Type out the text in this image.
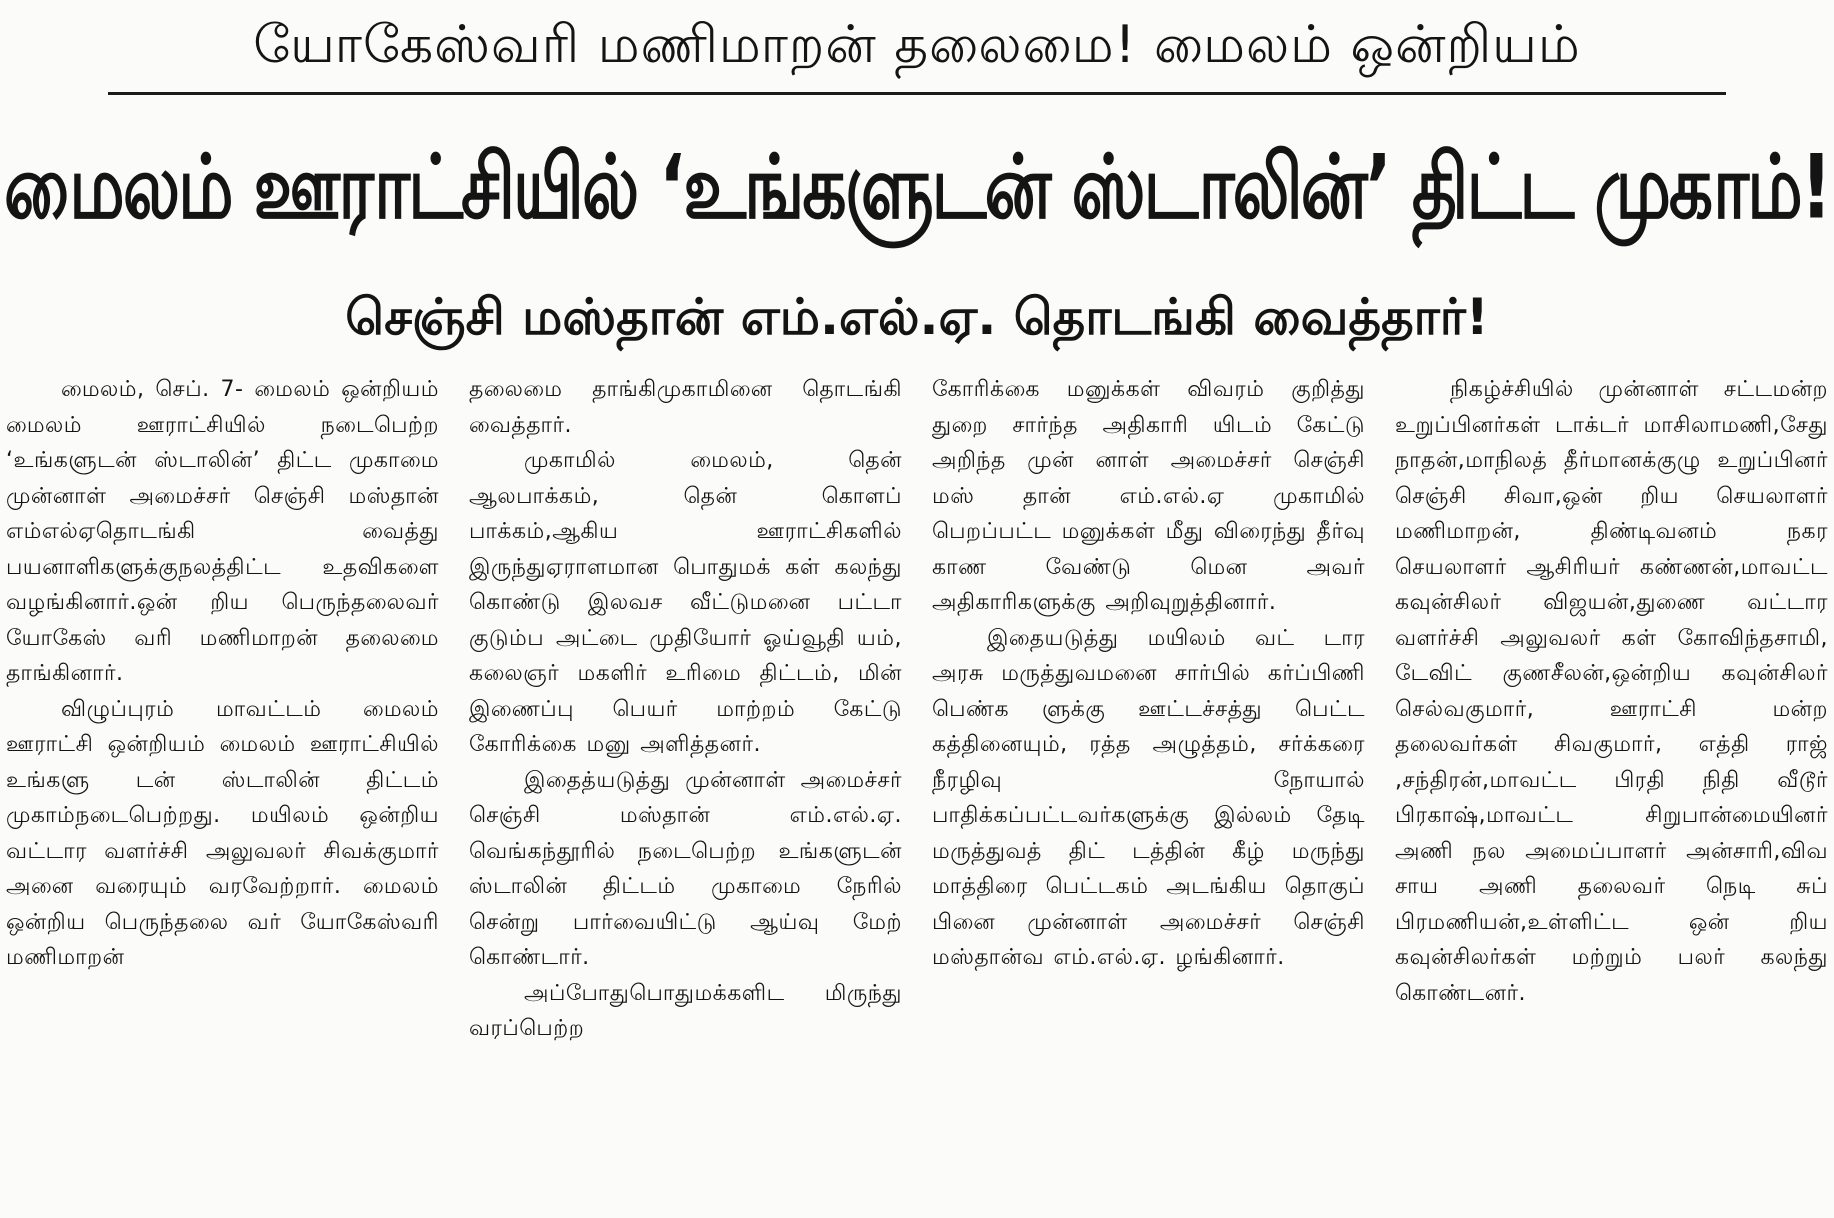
யோகேஸ்வரி மணிமாறன் தலைமை! மைலம் ஒன்றியம்
மைலம் ஊராட்சியில் ‘உங்களுடன் ஸ்டாலின்’ திட்ட முகாம்!
செஞ்சி மஸ்தான் எம்.எல்.ஏ. தொடங்கி வைத்தார்!

மைலம், செப். 7- மைலம் ஒன்றியம் மைலம் ஊராட்சியில் நடைபெற்ற ‘உங்களுடன் ஸ்டாலின்’ திட்ட முகாமை முன்னாள் அமைச்சர் செஞ்சி மஸ்தான் எம்எல்ஏதொடங்கி வைத்து பயனாளிகளுக்குநலத்திட்ட உதவிகளை வழங்கினார்.ஒன் றிய பெருந்தலைவர் யோகேஸ் வரி மணிமாறன் தலைமை தாங்கினார்.

விழுப்புரம் மாவட்டம் மைலம் ஊராட்சி ஒன்றியம் மைலம் ஊராட்சியில் உங்களு டன் ஸ்டாலின் திட்டம் முகாம்நடைபெற்றது. மயிலம் ஒன்றிய வட்டார வளர்ச்சி அலுவலர் சிவக்குமார் அனை வரையும் வரவேற்றார். மைலம் ஒன்றிய பெருந்தலை வர் யோகேஸ்வரி மணிமாறன்

தலைமை தாங்கிமுகாமினை தொடங்கி வைத்தார்.

முகாமில் மைலம், தென் ஆலபாக்கம், தென் கொளப் பாக்கம்,ஆகிய ஊராட்சிகளில் இருந்துஏராளமான பொதுமக் கள் கலந்து கொண்டு இலவச வீட்டுமனை பட்டா குடும்ப அட்டை முதியோர் ஓய்வூதி யம், கலைஞர் மகளிர் உரிமை திட்டம், மின் இணைப்பு பெயர் மாற்றம் கேட்டு கோரிக்கை மனு அளித்தனர்.

இதைத்யடுத்து முன்னாள் அமைச்சர் செஞ்சி மஸ்தான் எம்.எல்.ஏ. வெங்கந்தூரில் நடைபெற்ற உங்களுடன் ஸ்டாலின் திட்டம் முகாமை நேரில் சென்று பார்வையிட்டு ஆய்வு மேற் கொண்டார்.

அப்போதுபொதுமக்களிட மிருந்து வரப்பெற்ற

கோரிக்கை மனுக்கள் விவரம் குறித்து துறை சார்ந்த அதிகாரி யிடம் கேட்டு அறிந்த முன் னாள் அமைச்சர் செஞ்சி மஸ் தான் எம்.எல்.ஏ முகாமில் பெறப்பட்ட மனுக்கள் மீது விரைந்து தீர்வு காண வேண்டு மென அவர் அதிகாரிகளுக்கு அறிவுறுத்தினார்.

இதையடுத்து மயிலம் வட் டார அரசு மருத்துவமனை சார்பில் கர்ப்பிணி பெண்க ளுக்கு ஊட்டச்சத்து பெட்ட கத்தினையும், ரத்த அழுத்தம், சர்க்கரை நீரழிவு நோயால் பாதிக்கப்பட்டவர்களுக்கு இல்லம் தேடி மருத்துவத் திட் டத்தின் கீழ் மருந்து மாத்திரை பெட்டகம் அடங்கிய தொகுப் பினை முன்னாள் அமைச்சர் செஞ்சி மஸ்தான்வ எம்.எல்.ஏ. ழங்கினார்.

நிகழ்ச்சியில் முன்னாள் சட்டமன்ற உறுப்பினர்கள் டாக்டர் மாசிலாமணி,சேது நாதன்,மாநிலத் தீர்மானக்குழு உறுப்பினர் செஞ்சி சிவா,ஒன் றிய செயலாளர் மணிமாறன், திண்டிவனம் நகர செயலாளர் ஆசிரியர் கண்ணன்,மாவட்ட கவுன்சிலர் விஜயன்,துணை வட்டார வளர்ச்சி அலுவலர் கள் கோவிந்தசாமி, டேவிட் குணசீலன்,ஒன்றிய கவுன்சிலர் செல்வகுமார், ஊராட்சி மன்ற தலைவர்கள் சிவகுமார், எத்தி ராஜ் ,சந்திரன்,மாவட்ட பிரதி நிதி வீடூர் பிரகாஷ்,மாவட்ட சிறுபான்மையினர் அணி நல அமைப்பாளர் அன்சாரி,விவ சாய அணி தலைவர் நெடி சுப் பிரமணியன்,உள்ளிட்ட ஒன் றிய கவுன்சிலர்கள் மற்றும் பலர் கலந்து கொண்டனர்.
